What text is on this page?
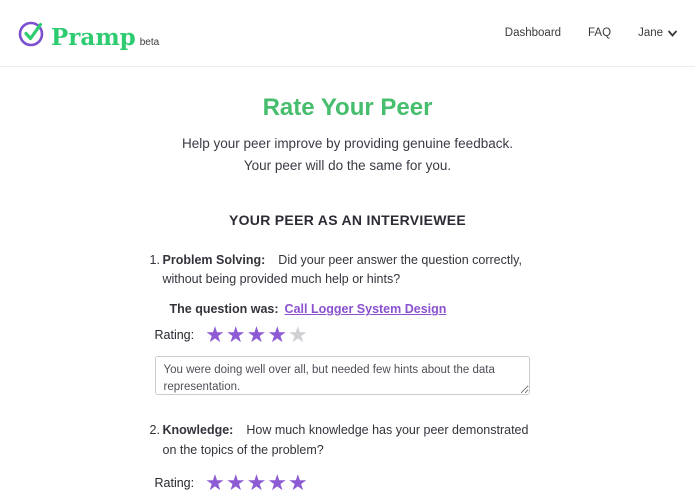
Pramp beta
Dashboard FAQ Jane
Rate Your Peer
Help your peer improve by providing genuine feedback.
Your peer will do the same for you.
YOUR PEER AS AN INTERVIEWEE
1. Problem Solving: Did your peer answer the question correctly, without being provided much help or hints?
The question was: Call Logger System Design
Rating: ★ ★ ★ ★ ★
You were doing well over all, but needed few hints about the data representation. Try to get more practice of that.
2. Knowledge: How much knowledge has your peer demonstrated on the topics of the problem?
Rating: ★ ★ ★ ★ ★
